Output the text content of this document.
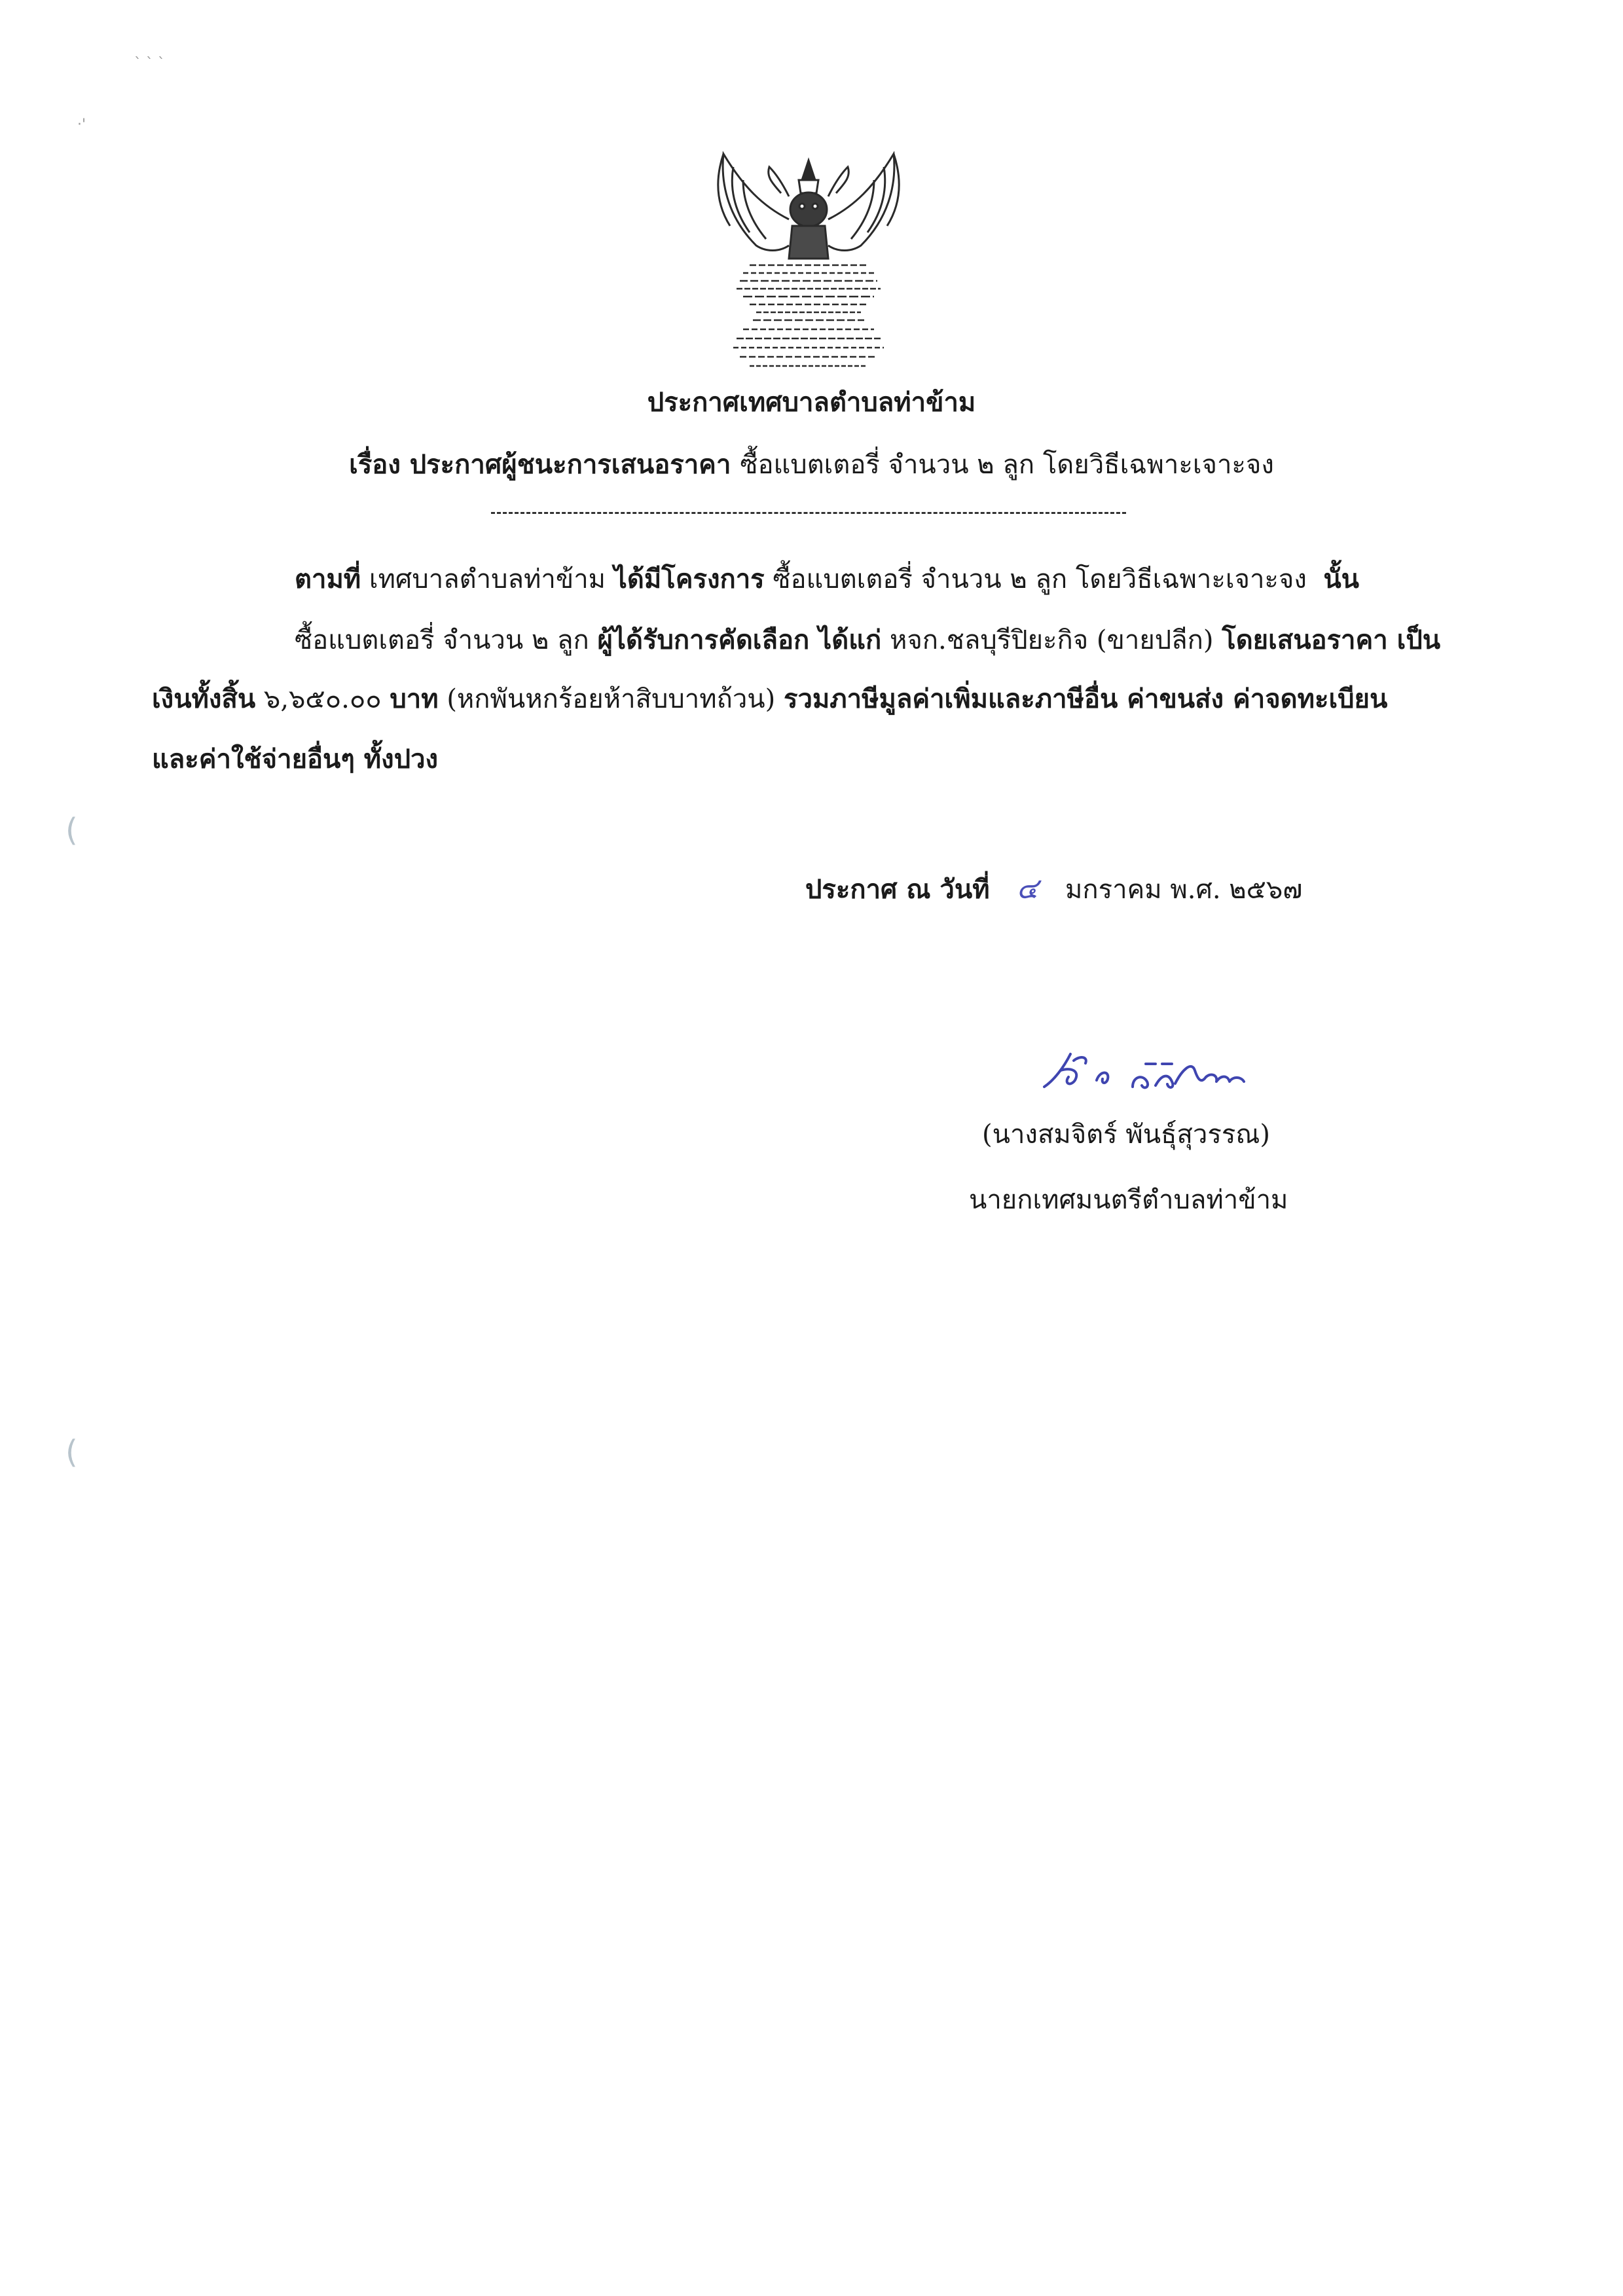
` ` `
·'
ประกาศเทศบาลตำบลท่าข้าม
เรื่อง ประกาศผู้ชนะการเสนอราคา ซื้อแบตเตอรี่ จำนวน ๒ ลูก โดยวิธีเฉพาะเจาะจง
ตามที่ เทศบาลตำบลท่าข้าม ได้มีโครงการ ซื้อแบตเตอรี่ จำนวน ๒ ลูก โดยวิธีเฉพาะเจาะจง นั้น
ซื้อแบตเตอรี่ จำนวน ๒ ลูก ผู้ได้รับการคัดเลือก ได้แก่ หจก.ชลบุรีปิยะกิจ (ขายปลีก) โดยเสนอราคา เป็น
เงินทั้งสิ้น ๖,๖๕๐.๐๐ บาท (หกพันหกร้อยห้าสิบบาทถ้วน) รวมภาษีมูลค่าเพิ่มและภาษีอื่น ค่าขนส่ง ค่าจดทะเบียน
และค่าใช้จ่ายอื่นๆ ทั้งปวง
(
(
ประกาศ ณ วันที่ ๔ มกราคม พ.ศ. ๒๕๖๗
(นางสมจิตร์ พันธุ์สุวรรณ)
นายกเทศมนตรีตำบลท่าข้าม
